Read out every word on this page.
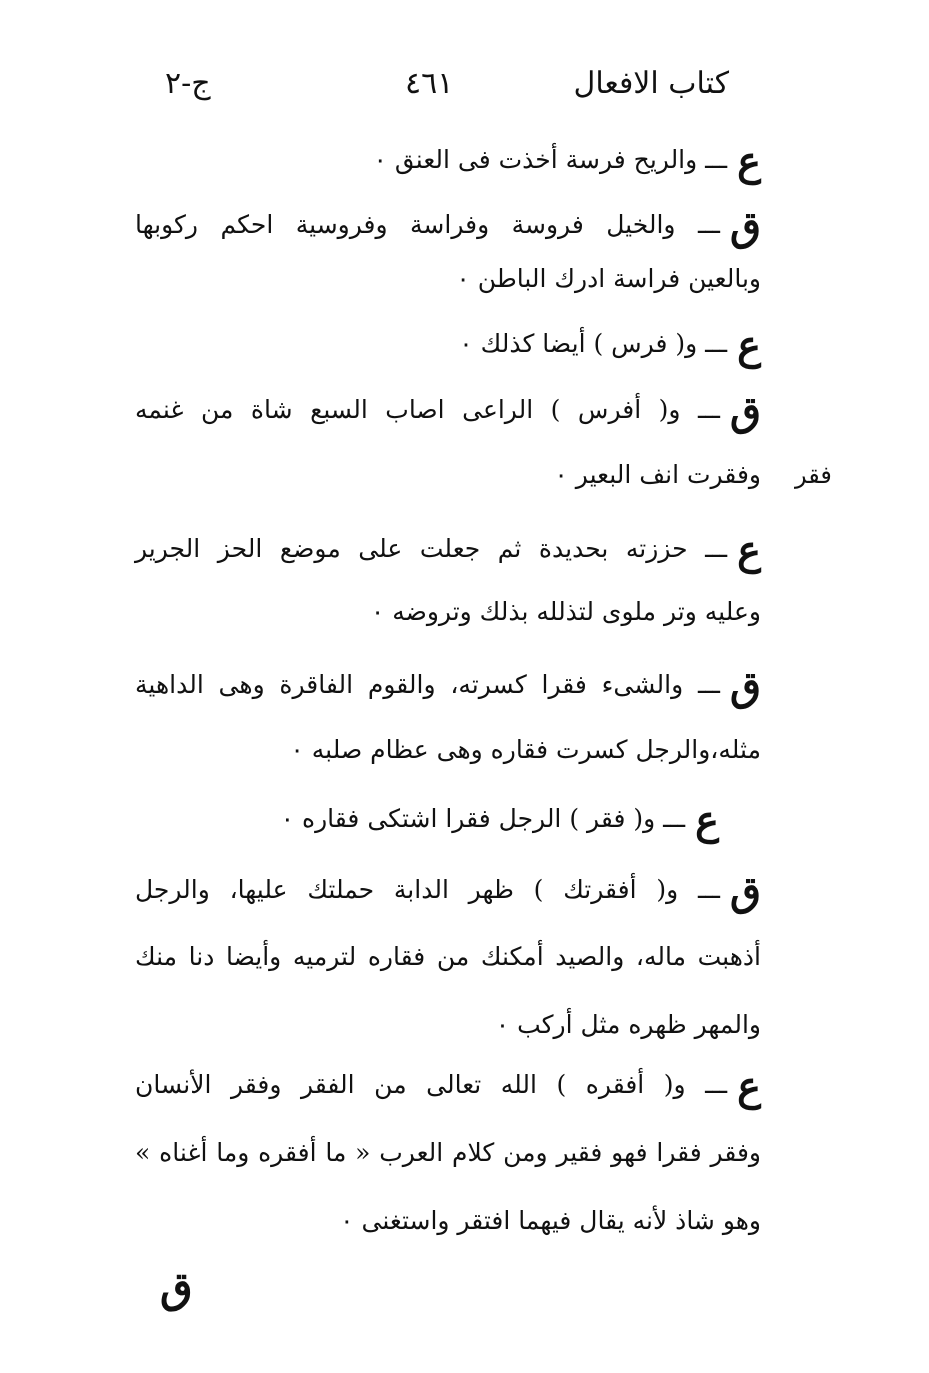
كتاب الافعال
٤٦١
ج-٢
فقر
عـــ والريح فرسة أخذت فى العنق ٠
قـــ والخيل فروسة وفراسة وفروسية احكم ركوبها
وبالعين فراسة ادرك الباطن ٠
عـــ و( فرس ) أيضا كذلك ٠
قـــ و( أفرس ) الراعى اصاب السبع شاة من غنمه
وفقرت انف البعير ٠
عـــ حززته بحديدة ثم جعلت على موضع الحز الجرير
وعليه وتر ملوى لتذلله بذلك وتروضه ٠
قـــ والشىء فقرا كسرته، والقوم الفاقرة وهى الداهية
مثله،والرجل كسرت فقاره وهى عظام صلبه ٠
عـــ و( فقر ) الرجل فقرا اشتكى فقاره ٠
قـــ و( أفقرتك ) ظهر الدابة حملتك عليها، والرجل
أذهبت ماله، والصيد أمكنك من فقاره لترميه وأيضا دنا منك
والمهر ظهره مثل أركب ٠
عـــ و( أفقره ) الله تعالى من الفقر وفقر الأنسان
وفقر فقرا فهو فقير ومن كلام العرب « ما أفقره وما أغناه »
وهو شاذ لأنه يقال فيهما افتقر واستغنى ٠
ق
